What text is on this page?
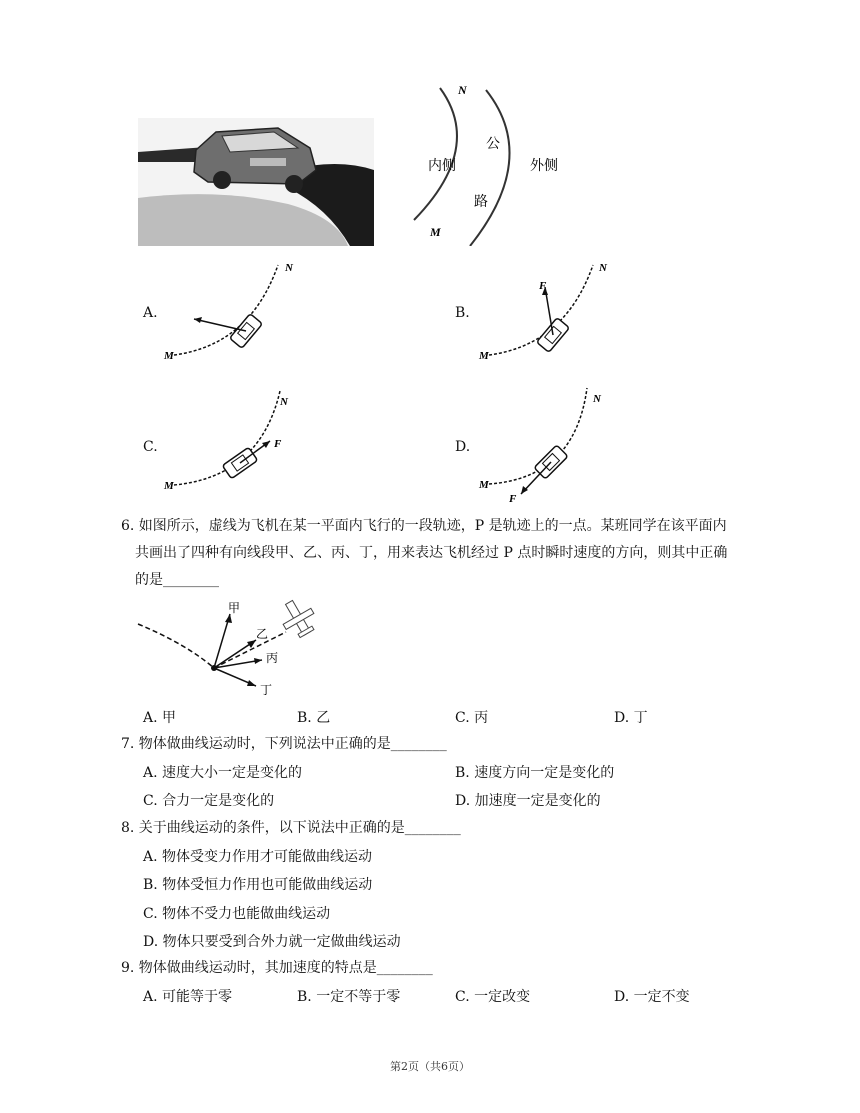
N
M
内侧	外侧
公
路
A.
N
M
B.
N
M
F
C.
N
M
F	D.
N
M
F
6. 如图所示，虚线为飞机在某一平面内飞行的一段轨迹，P 是轨迹上的一点。某班同学在该平面内
共画出了四种有向线段甲、乙、丙、丁，用来表达飞机经过 P 点时瞬时速度的方向，则其中正确
的是________
甲
乙
丙
丁
A. 甲	B. 乙	C. 丙	D. 丁
7. 物体做曲线运动时，下列说法中正确的是________
A. 速度大小一定是变化的	B. 速度方向一定是变化的
C. 合力一定是变化的	D. 加速度一定是变化的
8. 关于曲线运动的条件，以下说法中正确的是________
A. 物体受变力作用才可能做曲线运动
B. 物体受恒力作用也可能做曲线运动
C. 物体不受力也能做曲线运动
D. 物体只要受到合外力就一定做曲线运动
9. 物体做曲线运动时，其加速度的特点是________
A. 可能等于零	B. 一定不等于零	C. 一定改变	D. 一定不变
第2页（共6页）
